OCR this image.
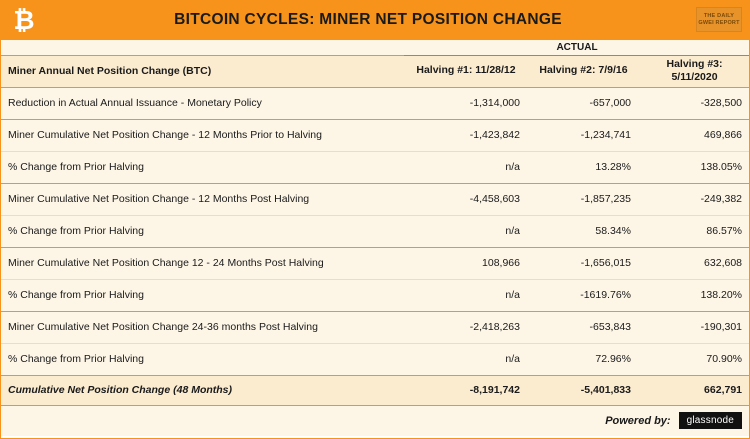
₿	BITCOIN CYCLES: MINER NET POSITION CHANGE	THE DAILY
GWEI REPORT
	ACTUAL		
Miner Annual Net Position Change (BTC)	Halving #1: 11/28/12	Halving #2: 7/9/16	Halving #3:
5/11/2020
Reduction in Actual Annual Issuance - Monetary Policy	-1,314,000	-657,000	-328,500
Miner Cumulative Net Position Change - 12 Months Prior to Halving	-1,423,842	-1,234,741	469,866
% Change from Prior Halving	n/a	13.28%	138.05%
Miner Cumulative Net Position Change - 12 Months Post Halving	-4,458,603	-1,857,235	-249,382
% Change from Prior Halving	n/a	58.34%	86.57%
Miner Cumulative Net Position Change 12 - 24 Months Post Halving	108,966	-1,656,015	632,608
% Change from Prior Halving	n/a	-1619.76%	138.20%
Miner Cumulative Net Position Change 24-36 months Post Halving	-2,418,263	-653,843	-190,301
% Change from Prior Halving	n/a	72.96%	70.90%
Cumulative Net Position Change (48 Months)	-8,191,742	-5,401,833	662,791
Powered by:	glassnode
